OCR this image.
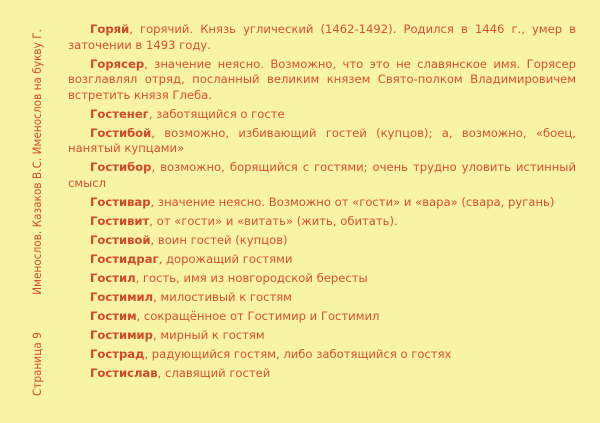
Страница 9 Именослов. Казаков В.С. Именослов на букву Г.	Горяй, горячий. Князь углический (1462-1492). Родился в 1446 г., умер в заточении в 1493 году.

Горясер, значение неясно. Возможно, что это не славянское имя. Горясер возглавлял отряд, посланный великим князем Свято-полком Владимировичем встретить князя Глеба.

Гостенег, заботящийся о госте

Гостибой, возможно, избивающий гостей (купцов); а, возможно, «боец, нанятый купцами»

Гостибор, возможно, борящийся с гостями; очень трудно уловить истинный смысл

Гостивар, значение неясно. Возможно от «гости» и «вара» (свара, ругань)

Гостивит, от «гости» и «витать» (жить, обитать).

Гостивой, воин гостей (купцов)

Гостидраг, дорожащий гостями

Гостил, гость, имя из новгородской бересты

Гостимил, милостивый к гостям

Гостим, сокращённое от Гостимир и Гостимил

Гостимир, мирный к гостям

Гострад, радующийся гостям, либо заботящийся о гостях

Гостислав, славящий гостей
